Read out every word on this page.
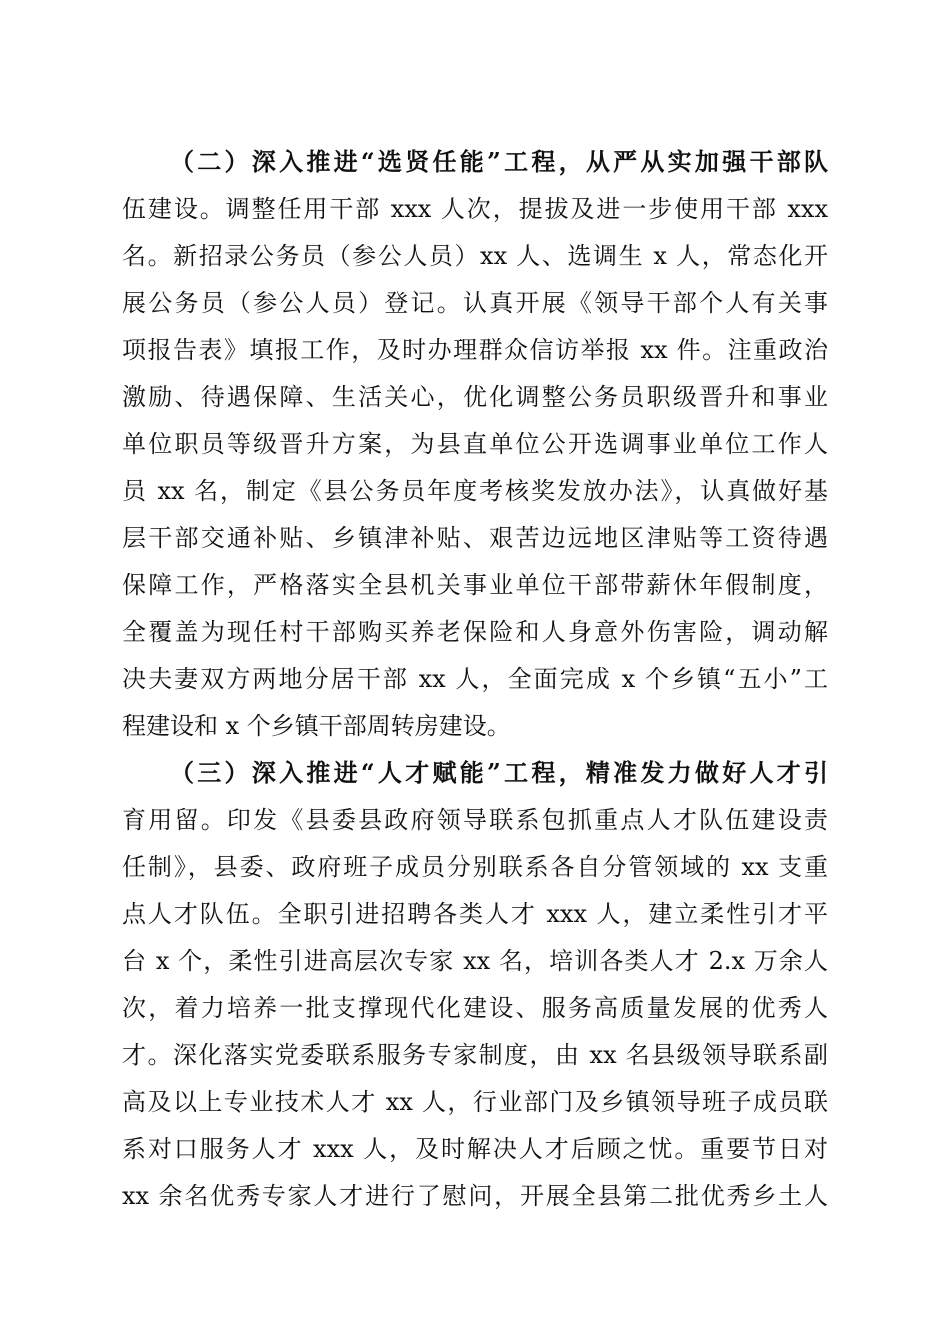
（二）深入推进“选贤任能”工程，从严从实加强干部队
伍建设。调整任用干部 xxx 人次，提拔及进一步使用干部 xxx
名。新招录公务员（参公人员）xx 人、选调生 x 人，常态化开
展公务员（参公人员）登记。认真开展《领导干部个人有关事
项报告表》填报工作，及时办理群众信访举报 xx 件。注重政治
激励、待遇保障、生活关心，优化调整公务员职级晋升和事业
单位职员等级晋升方案，为县直单位公开选调事业单位工作人
员 xx 名，制定《县公务员年度考核奖发放办法》，认真做好基
层干部交通补贴、乡镇津补贴、艰苦边远地区津贴等工资待遇
保障工作，严格落实全县机关事业单位干部带薪休年假制度，
全覆盖为现任村干部购买养老保险和人身意外伤害险，调动解
决夫妻双方两地分居干部 xx 人，全面完成 x 个乡镇“五小”工
程建设和 x 个乡镇干部周转房建设。
（三）深入推进“人才赋能”工程，精准发力做好人才引
育用留。印发《县委县政府领导联系包抓重点人才队伍建设责
任制》，县委、政府班子成员分别联系各自分管领域的 xx 支重
点人才队伍。全职引进招聘各类人才 xxx 人，建立柔性引才平
台 x 个，柔性引进高层次专家 xx 名，培训各类人才 2.x 万余人
次，着力培养一批支撑现代化建设、服务高质量发展的优秀人
才。深化落实党委联系服务专家制度，由 xx 名县级领导联系副
高及以上专业技术人才 xx 人，行业部门及乡镇领导班子成员联
系对口服务人才 xxx 人，及时解决人才后顾之忧。重要节日对
xx 余名优秀专家人才进行了慰问，开展全县第二批优秀乡土人
